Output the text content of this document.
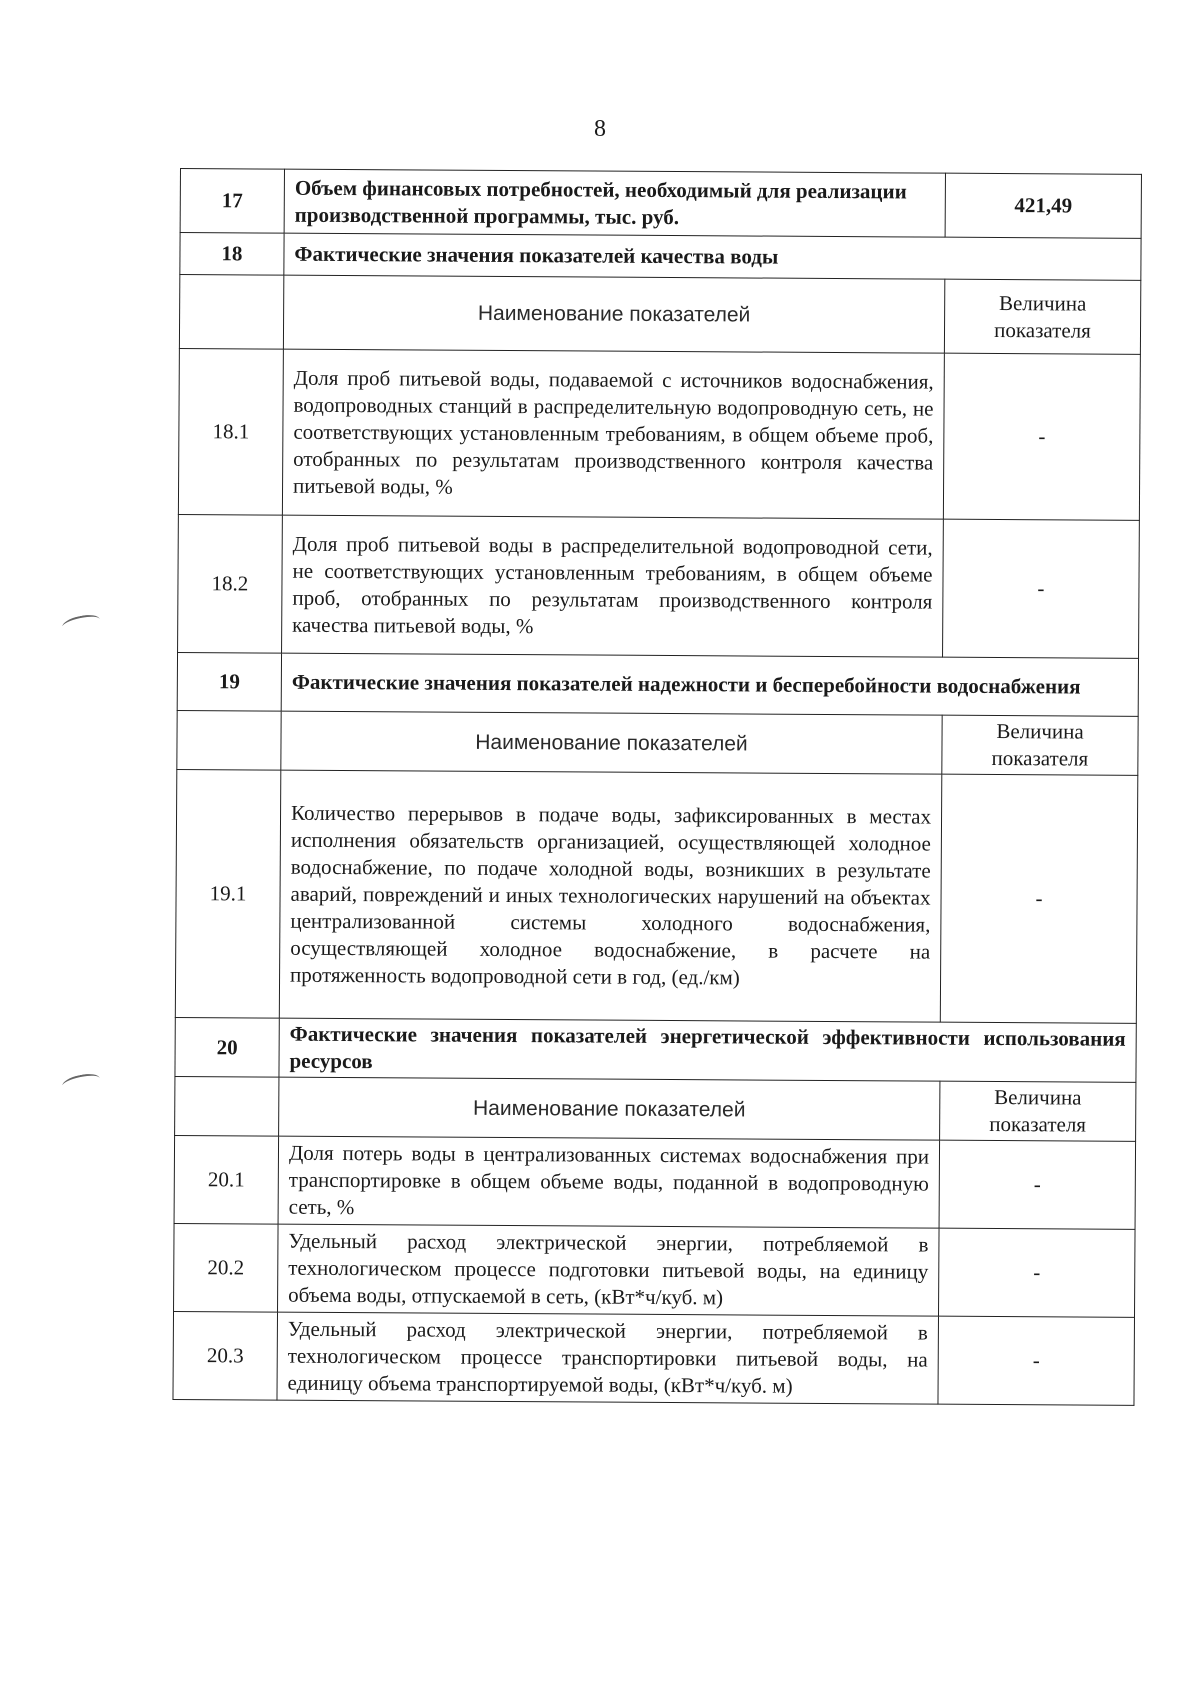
8
17	Объем финансовых потребностей, необходимый для реализации производственной программы, тыс. руб.	421,49
18	Фактические значения показателей качества воды	
	Наименование показателей	Величина показателя
18.1	Доля проб питьевой воды, подаваемой с источников водоснабжения, водопроводных станций в распределительную водопроводную сеть, не соответствующих установленным требованиям, в общем объеме проб, отобранных по результатам производственного контроля качества питьевой воды, %	-
18.2	Доля проб питьевой воды в распределительной водопроводной сети, не соответствующих установленным требованиям, в общем объеме проб, отобранных по результатам производственного контроля качества питьевой воды, %	-
19	Фактические значения показателей надежности и бесперебойности водоснабжения	
	Наименование показателей	Величина показателя
19.1	Количество перерывов в подаче воды, зафиксированных в местах исполнения обязательств организацией, осуществляющей холодное водоснабжение, по подаче холодной воды, возникших в результате аварий, повреждений и иных технологических нарушений на объектах централизованной системы холодного водоснабжения, осуществляющей холодное водоснабжение, в расчете на протяженность водопроводной сети в год, (ед./км)	-
20	Фактические значения показателей энергетической эффективности использования ресурсов	
	Наименование показателей	Величина показателя
20.1	Доля потерь воды в централизованных системах водоснабжения при транспортировке в общем объеме воды, поданной в водопроводную сеть, %	-
20.2	Удельный расход электрической энергии, потребляемой в технологическом процессе подготовки питьевой воды, на единицу объема воды, отпускаемой в сеть, (кВт*ч/куб. м)	-
20.3	Удельный расход электрической энергии, потребляемой в технологическом процессе транспортировки питьевой воды, на единицу объема транспортируемой воды, (кВт*ч/куб. м)	-
